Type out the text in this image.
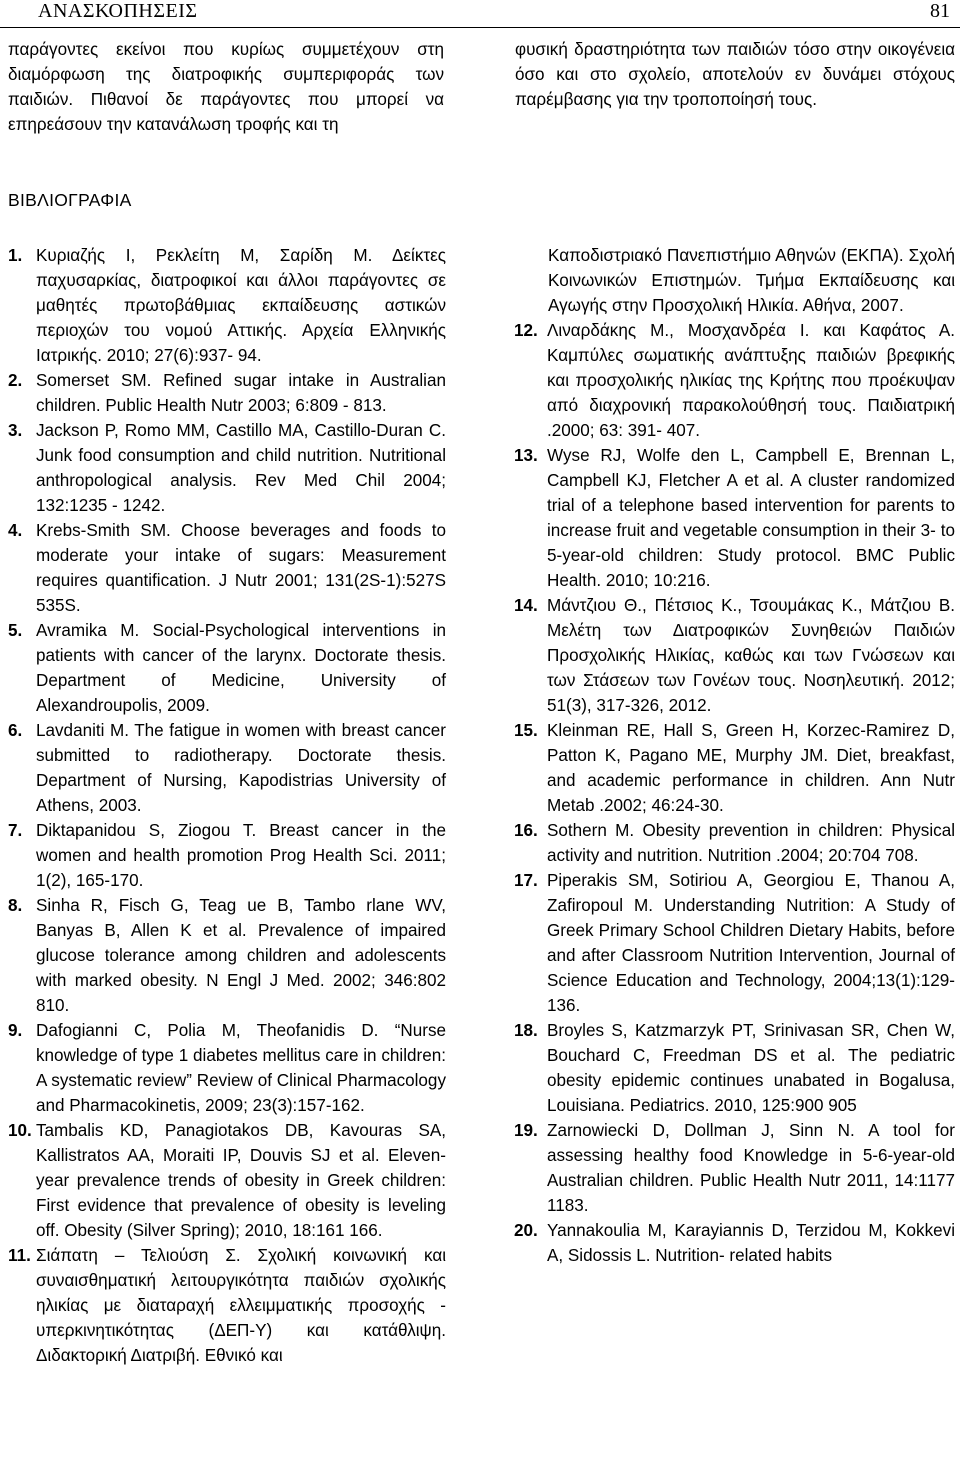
ΑΝΑΣΚΟΠΗΣΕΙΣ	81
παράγοντες εκείνοι που κυρίως συμμετέχουν στη διαμόρφωση της διατροφικής συμπεριφοράς των παιδιών. Πιθανοί δε παράγοντες που μπορεί να επηρεάσουν την κατανάλωση τροφής και τη
φυσική δραστηριότητα των παιδιών τόσο στην οικογένεια όσο και στο σχολείο, αποτελούν εν δυνάμει στόχους παρέμβασης για την τροποποίησή τους.
ΒΙΒΛΙΟΓΡΑΦΙΑ
1. Κυριαζής Ι, Ρεκλείτη Μ, Σαρίδη Μ. Δείκτες παχυσαρκίας, διατροφικοί και άλλοι παράγοντες σε μαθητές πρωτοβάθμιας εκπαίδευσης αστικών περιοχών του νομού Αττικής. Αρχεία Ελληνικής Ιατρικής. 2010; 27(6):937- 94.
2. Somerset SM. Refined sugar intake in Australian children. Public Health Nutr 2003; 6:809 - 813.
3. Jackson P, Romo MM, Castillo MA, Castillo-Duran C. Junk food consumption and child nutrition. Nutritional anthropological analysis. Rev Med Chil 2004; 132:1235 - 1242.
4. Krebs-Smith SM. Choose beverages and foods to moderate your intake of sugars: Measurement requires quantification. J Nutr 2001; 131(2S-1):527S 535S.
5. Avramika M. Social-Psychological interventions in patients with cancer of the larynx. Doctorate thesis. Department of Medicine, University of Alexandroupolis, 2009.
6. Lavdaniti M. The fatigue in women with breast cancer submitted to radiotherapy. Doctorate thesis. Department of Nursing, Kapodistrias University of Athens, 2003.
7. Diktapanidou S, Ziogou T. Breast cancer in the women and health promotion Prog Health Sci. 2011; 1(2), 165-170.
8. Sinha R, Fisch G, Teag ue B, Tambo rlane WV, Banyas B, Allen K et al. Prevalence of impaired glucose tolerance among children and adolescents with marked obesity. N Engl J Med. 2002; 346:802 810.
9. Dafogianni C, Polia M, Theofanidis D. “Nurse knowledge of type 1 diabetes mellitus care in children: A systematic review” Review of Clinical Pharmacology and Pharmacokinetis, 2009; 23(3):157-162.
10. Tambalis KD, Panagiotakos DB, Kavouras SA, Kallistratos AA, Moraiti IP, Douvis SJ et al. Eleven-year prevalence trends of obesity in Greek children: First evidence that prevalence of obesity is leveling off. Obesity (Silver Spring); 2010, 18:161 166.
11. Σιάπατη – Τελιούση Σ. Σχολική κοινωνική και συναισθηματική λειτουργικότητα παιδιών σχολικής ηλικίας με διαταραχή ελλειμματικής προσοχής - υπερκινητικότητας (ΔΕΠ-Υ) και κατάθλιψη. Διδακτορική Διατριβή. Εθνικό και
Καποδιστριακό Πανεπιστήμιο Αθηνών (ΕΚΠΑ). Σχολή Κοινωνικών Επιστημών. Τμήμα Εκπαίδευσης και Αγωγής στην Προσχολική Ηλικία. Αθήνα, 2007.
12. Λιναρδάκης Μ., Μοσχανδρέα Ι. και Καφάτος Α. Καμπύλες σωματικής ανάπτυξης παιδιών βρεφικής και προσχολικής ηλικίας της Κρήτης που προέκυψαν από διαχρονική παρακολούθησή τους. Παιδιατρική .2000; 63: 391- 407.
13. Wyse RJ, Wolfe den L, Campbell E, Brennan L, Campbell KJ, Fletcher A et al. A cluster randomized trial of a telephone based intervention for parents to increase fruit and vegetable consumption in their 3- to 5-year-old children: Study protocol. BMC Public Health. 2010; 10:216.
14. Μάντζιου Θ., Πέτσιος Κ., Τσουμάκας Κ., Μάτζιου Β. Μελέτη των Διατροφικών Συνηθειών Παιδιών Προσχολικής Ηλικίας, καθώς και των Γνώσεων και των Στάσεων των Γονέων τους. Νοσηλευτική. 2012; 51(3), 317-326, 2012.
15. Kleinman RE, Hall S, Green H, Korzec-Ramirez D, Patton K, Pagano ME, Murphy JM. Diet, breakfast, and academic performance in children. Ann Nutr Metab .2002; 46:24-30.
16. Sothern M. Obesity prevention in children: Physical activity and nutrition. Nutrition .2004; 20:704 708.
17. Piperakis SM, Sotiriou A, Georgiou E, Thanou A, Zafiropoul M. Understanding Nutrition: A Study of Greek Primary School Children Dietary Habits, before and after Classroom Nutrition Intervention, Journal of Science Education and Technology, 2004;13(1):129-136.
18. Broyles S, Katzmarzyk PT, Srinivasan SR, Chen W, Bouchard C, Freedman DS et al. The pediatric obesity epidemic continues unabated in Bogalusa, Louisiana. Pediatrics. 2010, 125:900 905
19. Zarnowiecki D, Dollman J, Sinn N. A tool for assessing healthy food Knowledge in 5-6-year-old Australian children. Public Health Nutr 2011, 14:1177 1183.
20. Yannakoulia M, Karayiannis D, Terzidou M, Kokkevi A, Sidossis L. Nutrition- related habits
